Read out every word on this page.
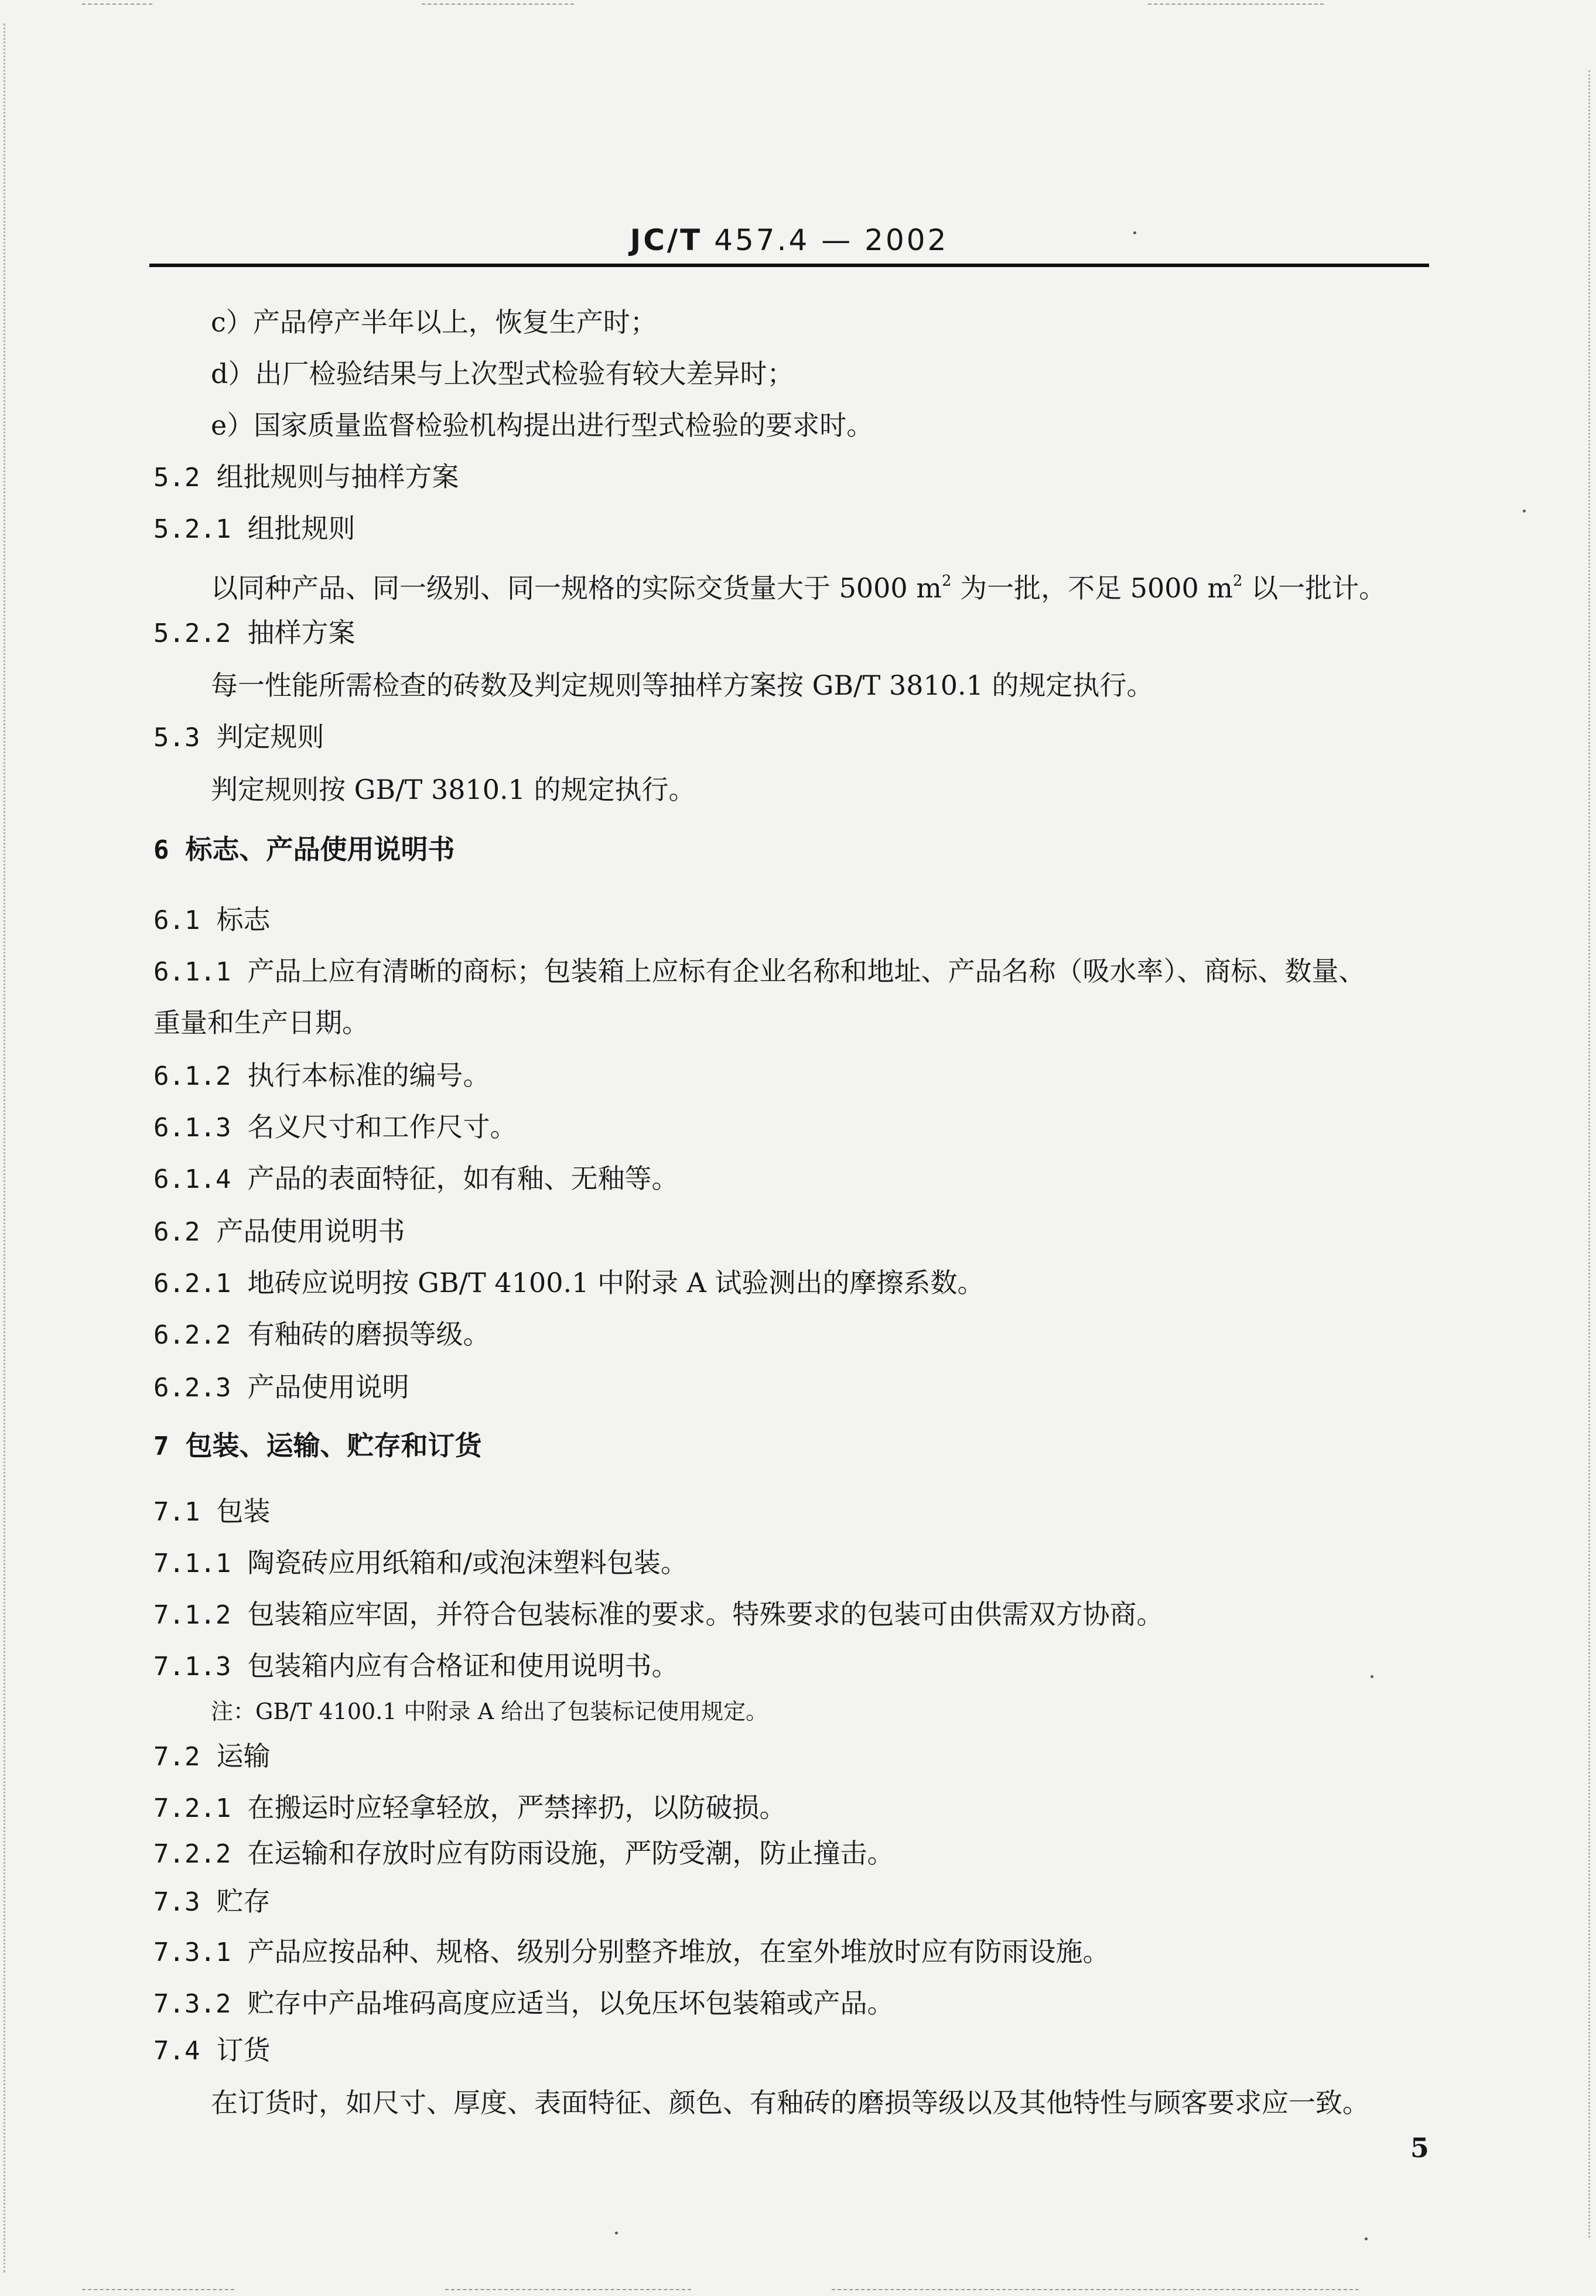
JC/T 457.4 — 2002
c）产品停产半年以上，恢复生产时；
d）出厂检验结果与上次型式检验有较大差异时；
e）国家质量监督检验机构提出进行型式检验的要求时。
5.2 组批规则与抽样方案
5.2.1 组批规则
以同种产品、同一级别、同一规格的实际交货量大于 5000 $m^2$ 为一批，不足 5000 $m^2$ 以一批计。
5.2.2 抽样方案
每一性能所需检查的砖数及判定规则等抽样方案按 GB/T 3810.1 的规定执行。
5.3 判定规则
判定规则按 GB/T 3810.1 的规定执行。
6 标志、产品使用说明书
6.1 标志
6.1.1 产品上应有清晰的商标；包装箱上应标有企业名称和地址、产品名称（吸水率）、商标、数量、
重量和生产日期。
6.1.2 执行本标准的编号。
6.1.3 名义尺寸和工作尺寸。
6.1.4 产品的表面特征，如有釉、无釉等。
6.2 产品使用说明书
6.2.1 地砖应说明按 GB/T 4100.1 中附录 A 试验测出的摩擦系数。
6.2.2 有釉砖的磨损等级。
6.2.3 产品使用说明
7 包装、运输、贮存和订货
7.1 包装
7.1.1 陶瓷砖应用纸箱和/或泡沫塑料包装。
7.1.2 包装箱应牢固，并符合包装标准的要求。特殊要求的包装可由供需双方协商。
7.1.3 包装箱内应有合格证和使用说明书。
注：GB/T 4100.1 中附录 A 给出了包装标记使用规定。
7.2 运输
7.2.1 在搬运时应轻拿轻放，严禁摔扔，以防破损。
7.2.2 在运输和存放时应有防雨设施，严防受潮，防止撞击。
7.3 贮存
7.3.1 产品应按品种、规格、级别分别整齐堆放，在室外堆放时应有防雨设施。
7.3.2 贮存中产品堆码高度应适当，以免压坏包装箱或产品。
7.4 订货
在订货时，如尺寸、厚度、表面特征、颜色、有釉砖的磨损等级以及其他特性与顾客要求应一致。
5
